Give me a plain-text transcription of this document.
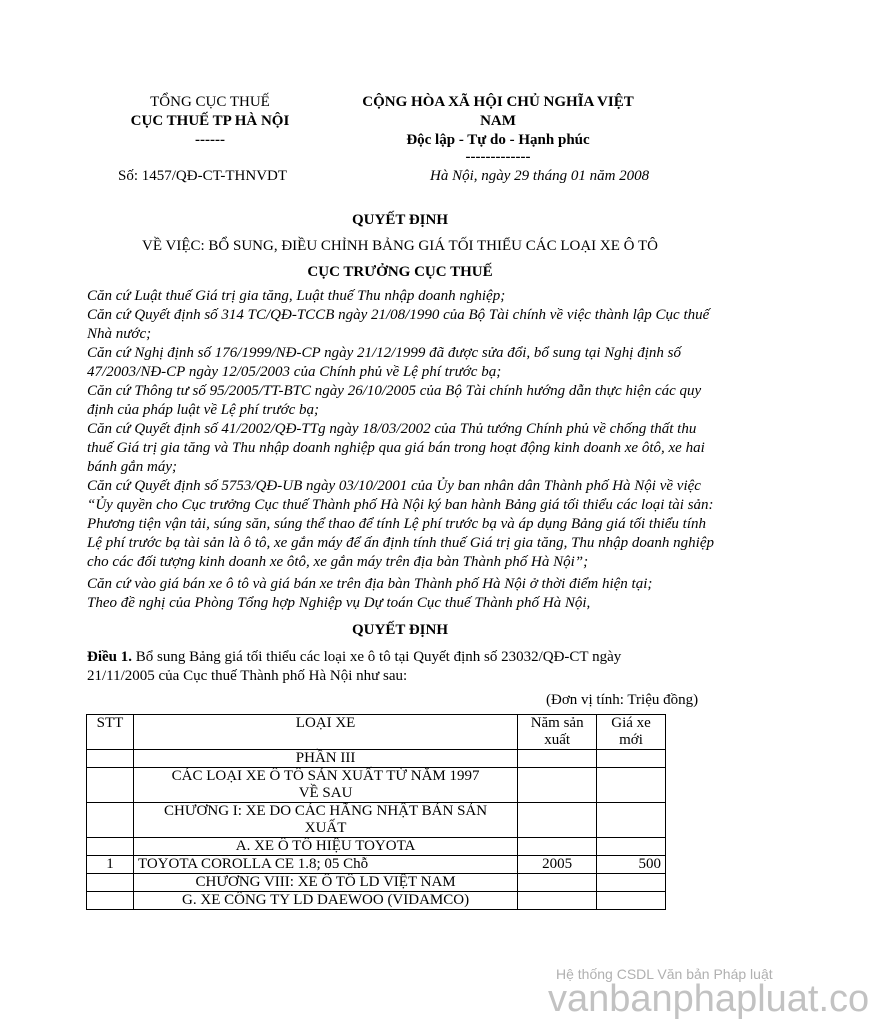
TỔNG CỤC THUẾ
CỤC THUẾ TP HÀ NỘI
------
CỘNG HÒA XÃ HỘI CHỦ NGHĨA VIỆT
NAM
Độc lập - Tự do - Hạnh phúc
-------------
Số: 1457/QĐ-CT-THNVDT	Hà Nội, ngày 29 tháng 01 năm 2008
QUYẾT ĐỊNH
VỀ VIỆC: BỔ SUNG, ĐIỀU CHỈNH BẢNG GIÁ TỐI THIỂU CÁC LOẠI XE Ô TÔ
CỤC TRƯỞNG CỤC THUẾ
Căn cứ Luật thuế Giá trị gia tăng, Luật thuế Thu nhập doanh nghiệp;
Căn cứ Quyết định số 314 TC/QĐ-TCCB ngày 21/08/1990 của Bộ Tài chính về việc thành lập Cục thuế Nhà nước;
Căn cứ Nghị định số 176/1999/NĐ-CP ngày 21/12/1999 đã được sửa đổi, bổ sung tại Nghị định số 47/2003/NĐ-CP ngày 12/05/2003 của Chính phủ về Lệ phí trước bạ;
Căn cứ Thông tư số 95/2005/TT-BTC ngày 26/10/2005 của Bộ Tài chính hướng dẫn thực hiện các quy định của pháp luật về Lệ phí trước bạ;
Căn cứ Quyết định số 41/2002/QĐ-TTg ngày 18/03/2002 của Thủ tướng Chính phủ về chống thất thu thuế Giá trị gia tăng và Thu nhập doanh nghiệp qua giá bán trong hoạt động kinh doanh xe ôtô, xe hai bánh gắn máy;
Căn cứ Quyết định số 5753/QĐ-UB ngày 03/10/2001 của Ủy ban nhân dân Thành phố Hà Nội về việc “Ủy quyền cho Cục trưởng Cục thuế Thành phố Hà Nội ký ban hành Bảng giá tối thiểu các loại tài sản: Phương tiện vận tải, súng săn, súng thể thao để tính Lệ phí trước bạ và áp dụng Bảng giá tối thiểu tính Lệ phí trước bạ tài sản là ô tô, xe gắn máy để ấn định tính thuế Giá trị gia tăng, Thu nhập doanh nghiệp cho các đối tượng kinh doanh xe ôtô, xe gắn máy trên địa bàn Thành phố Hà Nội”;
Căn cứ vào giá bán xe ô tô và giá bán xe trên địa bàn Thành phố Hà Nội ở thời điểm hiện tại;
Theo đề nghị của Phòng Tổng hợp Nghiệp vụ Dự toán Cục thuế Thành phố Hà Nội,
QUYẾT ĐỊNH
Điều 1. Bổ sung Bảng giá tối thiểu các loại xe ô tô tại Quyết định số 23032/QĐ-CT ngày 21/11/2005 của Cục thuế Thành phố Hà Nội như sau:
(Đơn vị tính: Triệu đồng)
STT	LOẠI XE	Năm sản xuất	Giá xe mới
	PHẦN III		
	CÁC LOẠI XE Ô TÔ SẢN XUẤT TỪ NĂM 1997 VỀ SAU		
	CHƯƠNG I: XE DO CÁC HÃNG NHẬT BẢN SẢN XUẤT		
	A. XE Ô TÔ HIỆU TOYOTA		
1	TOYOTA COROLLA CE 1.8; 05 Chỗ	2005	500
	CHƯƠNG VIII: XE Ô TÔ LD VIỆT NAM		
	G. XE CÔNG TY LD DAEWOO (VIDAMCO)		
Hệ thống CSDL Văn bản Pháp luật
vanbanphapluat.co
